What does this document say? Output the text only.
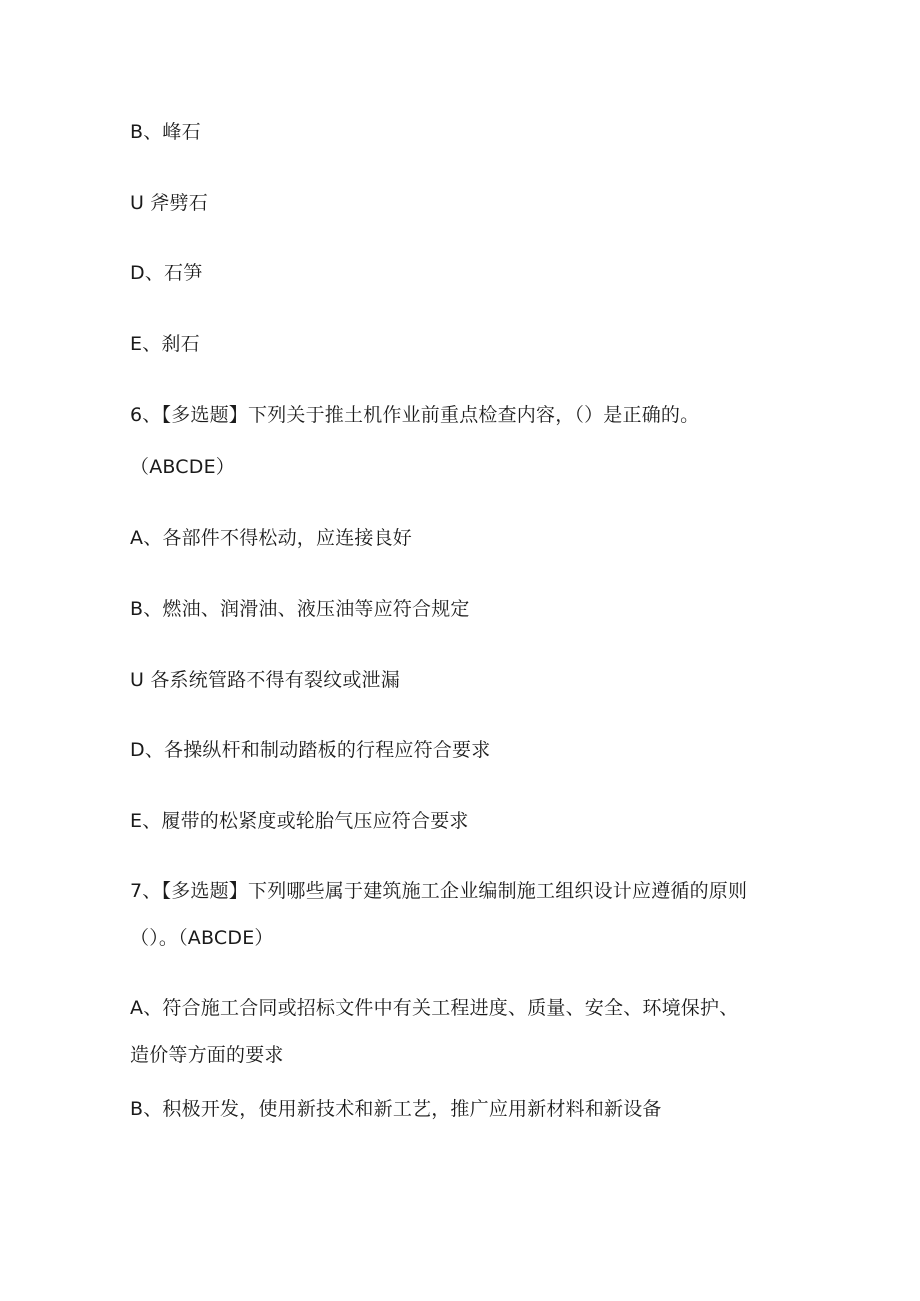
B、峰石
U 斧劈石
D、石笋
E、刹石
6、【多选题】下列关于推土机作业前重点检查内容，（）是正确的。
（ABCDE）
A、各部件不得松动，应连接良好
B、燃油、润滑油、液压油等应符合规定
U 各系统管路不得有裂纹或泄漏
D、各操纵杆和制动踏板的行程应符合要求
E、履带的松紧度或轮胎气压应符合要求
7、【多选题】下列哪些属于建筑施工企业编制施工组织设计应遵循的原则
（）。（ABCDE）
A、符合施工合同或招标文件中有关工程进度、质量、安全、环境保护、
造价等方面的要求
B、积极开发，使用新技术和新工艺，推广应用新材料和新设备
